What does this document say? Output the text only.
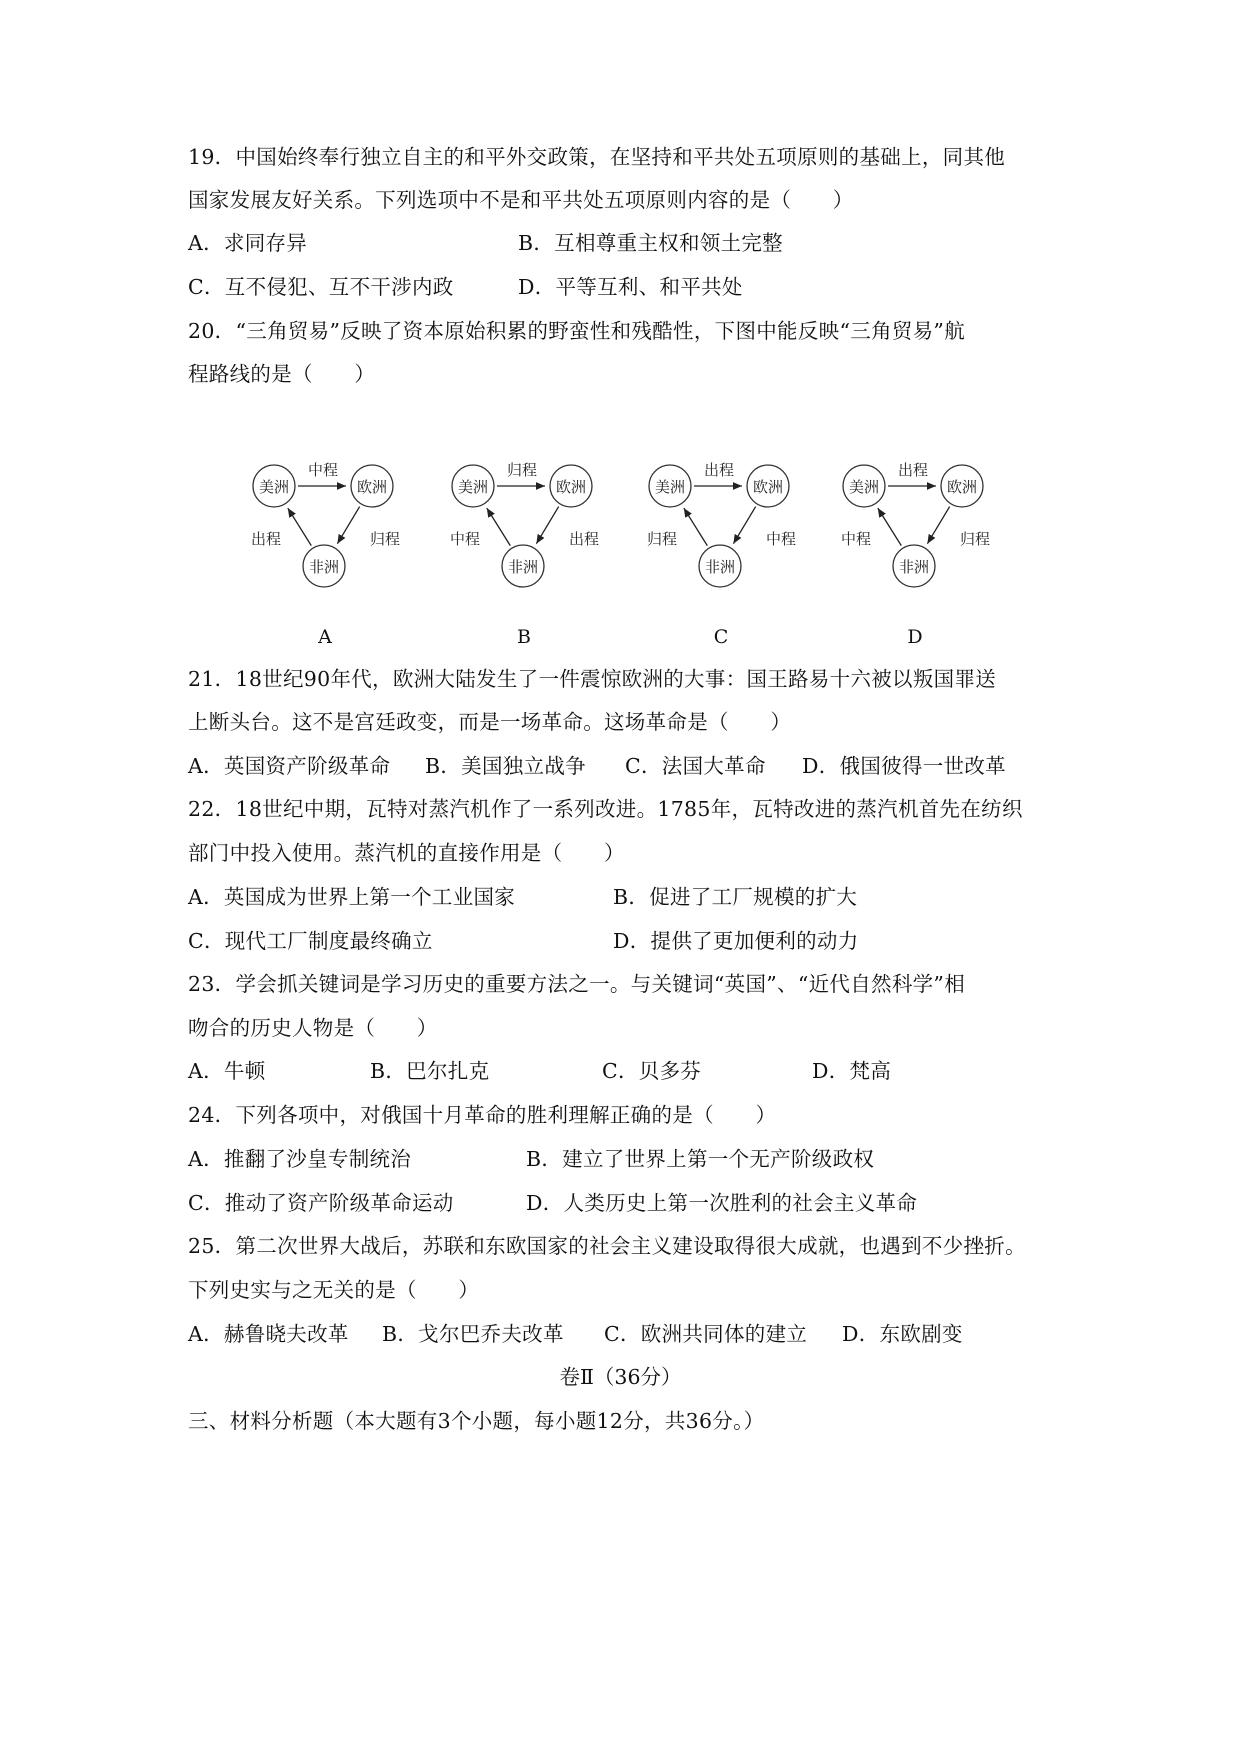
19．中国始终奉行独立自主的和平外交政策，在坚持和平共处五项原则的基础上，同其他
国家发展友好关系。下列选项中不是和平共处五项原则内容的是（　　）
A．求同存异	B．互相尊重主权和领土完整
C．互不侵犯、互不干涉内政	D．平等互利、和平共处
20．“三角贸易”反映了资本原始积累的野蛮性和残酷性，下图中能反映“三角贸易”航
程路线的是（　　）
美洲	欧洲
非洲
中程
出程	归程
A
美洲	欧洲
非洲
归程
中程	出程
B
美洲	欧洲
非洲
出程
归程	中程
C
美洲	欧洲
非洲
出程
中程	归程
D
21．18世纪90年代，欧洲大陆发生了一件震惊欧洲的大事：国王路易十六被以叛国罪送
上断头台。这不是宫廷政变，而是一场革命。这场革命是（　　）
A．英国资产阶级革命 B．美国独立战争 C．法国大革命 D．俄国彼得一世改革
22．18世纪中期，瓦特对蒸汽机作了一系列改进。1785年，瓦特改进的蒸汽机首先在纺织
部门中投入使用。蒸汽机的直接作用是（　　）
A．英国成为世界上第一个工业国家	B．促进了工厂规模的扩大
C．现代工厂制度最终确立	D．提供了更加便利的动力
23．学会抓关键词是学习历史的重要方法之一。与关键词“英国”、“近代自然科学”相
吻合的历史人物是（　　）
A．牛顿	B．巴尔扎克	C．贝多芬	D．梵高
24．下列各项中，对俄国十月革命的胜利理解正确的是（　　）
A．推翻了沙皇专制统治	B．建立了世界上第一个无产阶级政权
C．推动了资产阶级革命运动	D．人类历史上第一次胜利的社会主义革命
25．第二次世界大战后，苏联和东欧国家的社会主义建设取得很大成就，也遇到不少挫折。
下列史实与之无关的是（　　）
A．赫鲁晓夫改革 B．戈尔巴乔夫改革 C．欧洲共同体的建立 D．东欧剧变
卷Ⅱ（36分）
三、材料分析题（本大题有3个小题，每小题12分，共36分。）
